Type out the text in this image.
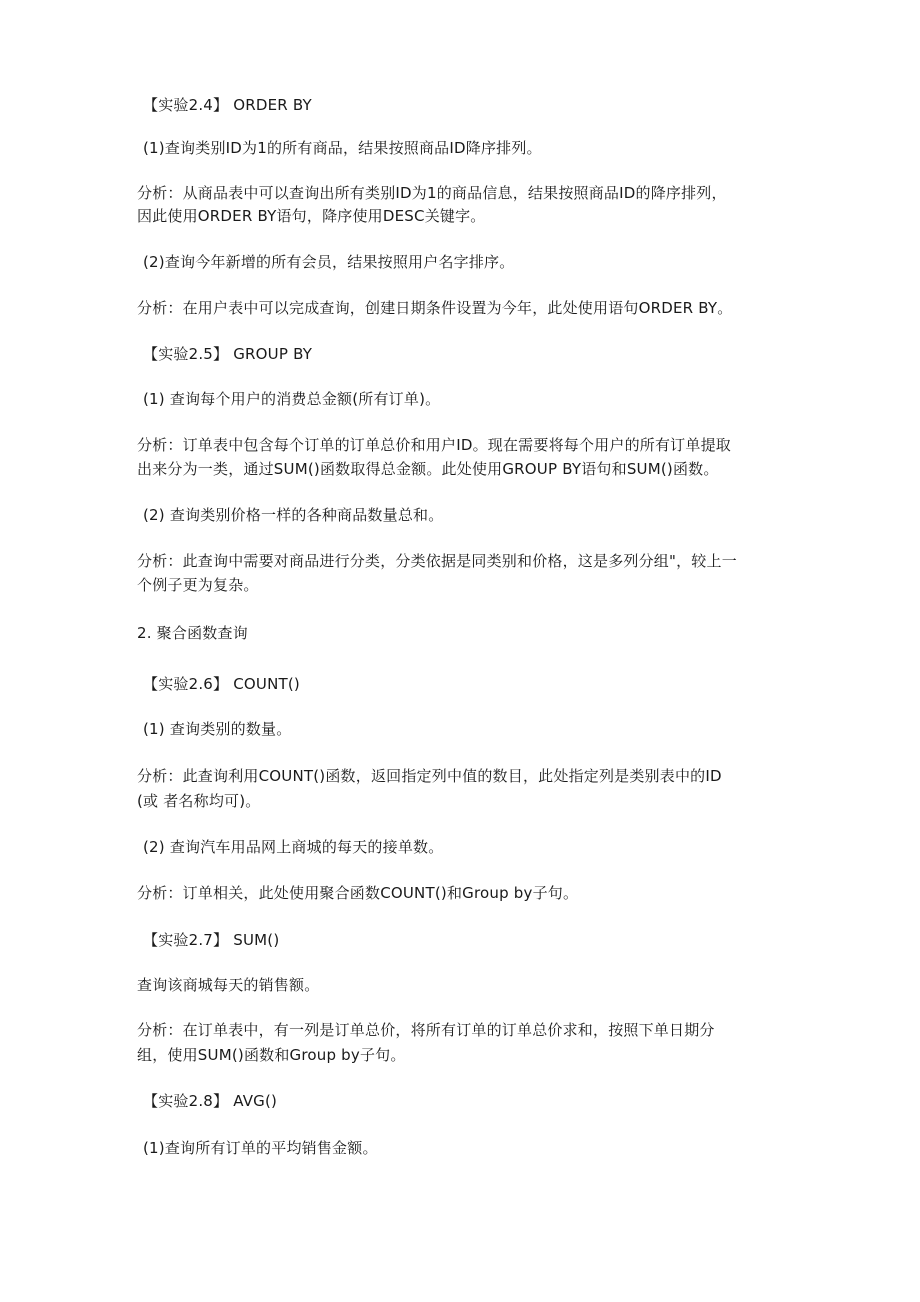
【实验2.4】 ORDER BY
(1)查询类别ID为1的所有商品，结果按照商品ID降序排列。
分析：从商品表中可以查询出所有类别ID为1的商品信息，结果按照商品ID的降序排列，
因此使用ORDER BY语句，降序使用DESC关键字。
(2)查询今年新增的所有会员，结果按照用户名字排序。
分析：在用户表中可以完成查询，创建日期条件设置为今年，此处使用语句ORDER BY。
【实验2.5】 GROUP BY
(1) 查询每个用户的消费总金额(所有订单)。
分析：订单表中包含每个订单的订单总价和用户ID。现在需要将每个用户的所有订单提取
出来分为一类，通过SUM()函数取得总金额。此处使用GROUP BY语句和SUM()函数。
(2) 查询类别价格一样的各种商品数量总和。
分析：此查询中需要对商品进行分类，分类依据是同类别和价格，这是多列分组"，较上一
个例子更为复杂。
2. 聚合函数查询
【实验2.6】 COUNT()
(1) 查询类别的数量。
分析：此查询利用COUNT()函数，返回指定列中值的数目，此处指定列是类别表中的ID
(或 者名称均可)。
(2) 查询汽车用品网上商城的每天的接单数。
分析：订单相关，此处使用聚合函数COUNT()和Group by子句。
【实验2.7】 SUM()
查询该商城每天的销售额。
分析：在订单表中，有一列是订单总价，将所有订单的订单总价求和，按照下单日期分
组，使用SUM()函数和Group by子句。
【实验2.8】 AVG()
(1)查询所有订单的平均销售金额。
